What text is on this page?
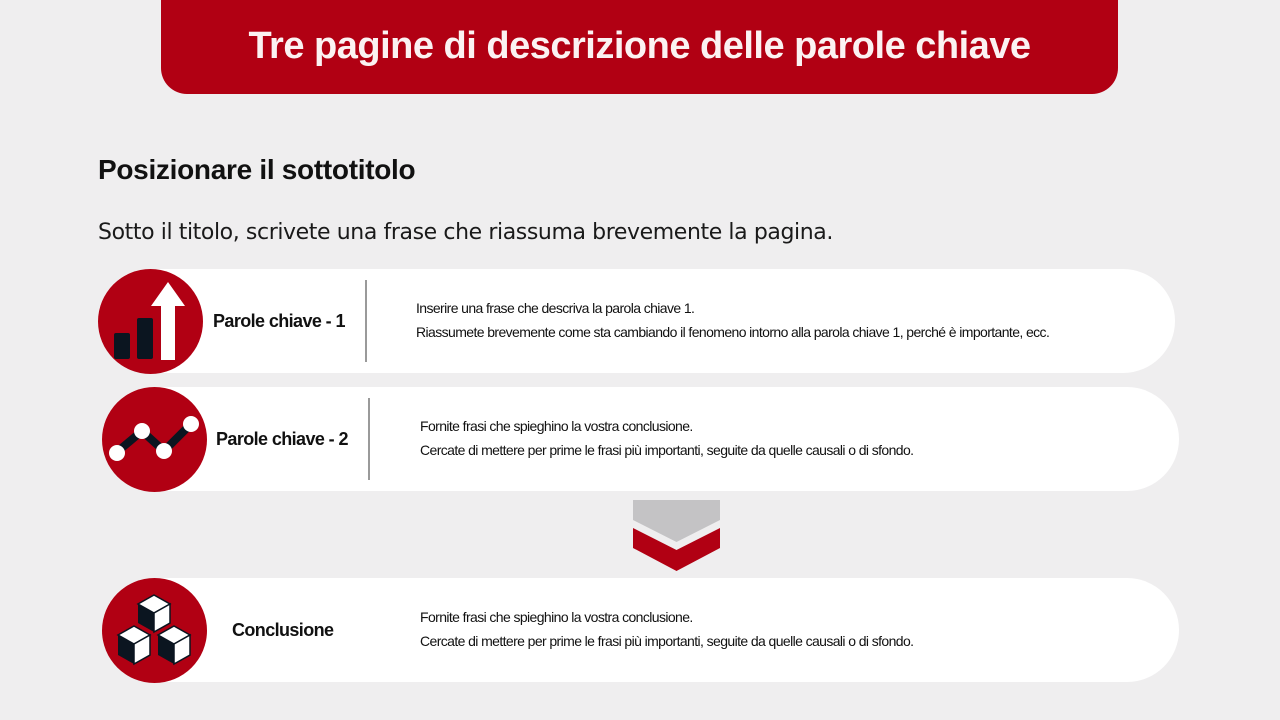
Tre pagine di descrizione delle parole chiave
Posizionare il sottotitolo

Sotto il titolo, scrivete una frase che riassuma brevemente la pagina.

Parole chiave - 1
Inserire una frase che descriva la parola chiave 1.
Riassumete brevemente come sta cambiando il fenomeno intorno alla parola chiave 1, perché è importante, ecc.
Parole chiave - 2
Fornite frasi che spieghino la vostra conclusione.
Cercate di mettere per prime le frasi più importanti, seguite da quelle causali o di sfondo.
Conclusione
Fornite frasi che spieghino la vostra conclusione.
Cercate di mettere per prime le frasi più importanti, seguite da quelle causali o di sfondo.
